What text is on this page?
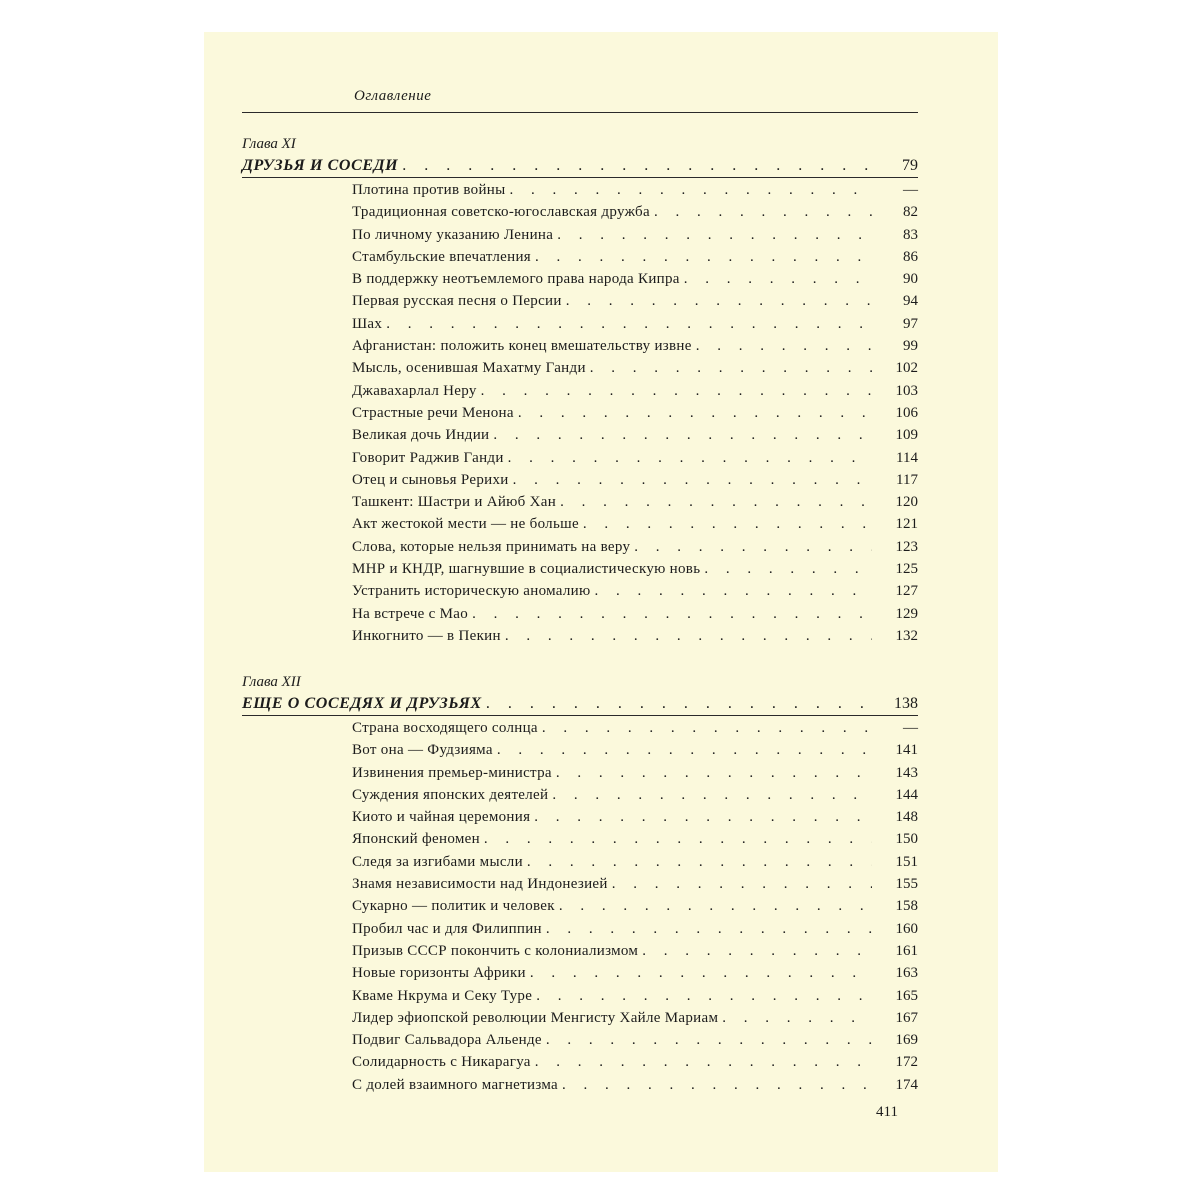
Оглавление
Глава XI
ДРУЗЬЯ И СОСЕДИ . . .	79
Плотина против войны . . .	—
Традиционная советско-югославская дружба . . .	82
По личному указанию Ленина . . .	83
Стамбульские впечатления . . .	86
В поддержку неотъемлемого права народа Кипра . . .	90
Первая русская песня о Персии . . .	94
Шах . . .	97
Афганистан: положить конец вмешательству извне . . .	99
Мысль, осенившая Махатму Ганди . . .	102
Джавахарлал Неру . . .	103
Страстные речи Менона . . .	106
Великая дочь Индии . . .	109
Говорит Раджив Ганди . . .	114
Отец и сыновья Рерихи . . .	117
Ташкент: Шастри и Айюб Хан . . .	120
Акт жестокой мести — не больше . . .	121
Слова, которые нельзя принимать на веру . . .	123
МНР и КНДР, шагнувшие в социалистическую новь . . .	125
Устранить историческую аномалию . . .	127
На встрече с Мао . . .	129
Инкогнито — в Пекин . . .	132
Глава XII
ЕЩЕ О СОСЕДЯХ И ДРУЗЬЯХ . . .	138
Страна восходящего солнца . . .	—
Вот она — Фудзияма . . .	141
Извинения премьер-министра . . .	143
Суждения японских деятелей . . .	144
Киото и чайная церемония . . .	148
Японский феномен . . .	150
Следя за изгибами мысли . . .	151
Знамя независимости над Индонезией . . .	155
Сукарно — политик и человек . . .	158
Пробил час и для Филиппин . . .	160
Призыв СССР покончить с колониализмом . . .	161
Новые горизонты Африки . . .	163
Кваме Нкрума и Секу Туре . . .	165
Лидер эфиопской революции Менгисту Хайле Мариам . . .	167
Подвиг Сальвадора Альенде . . .	169
Солидарность с Никарагуа . . .	172
С долей взаимного магнетизма . . .	174
411
